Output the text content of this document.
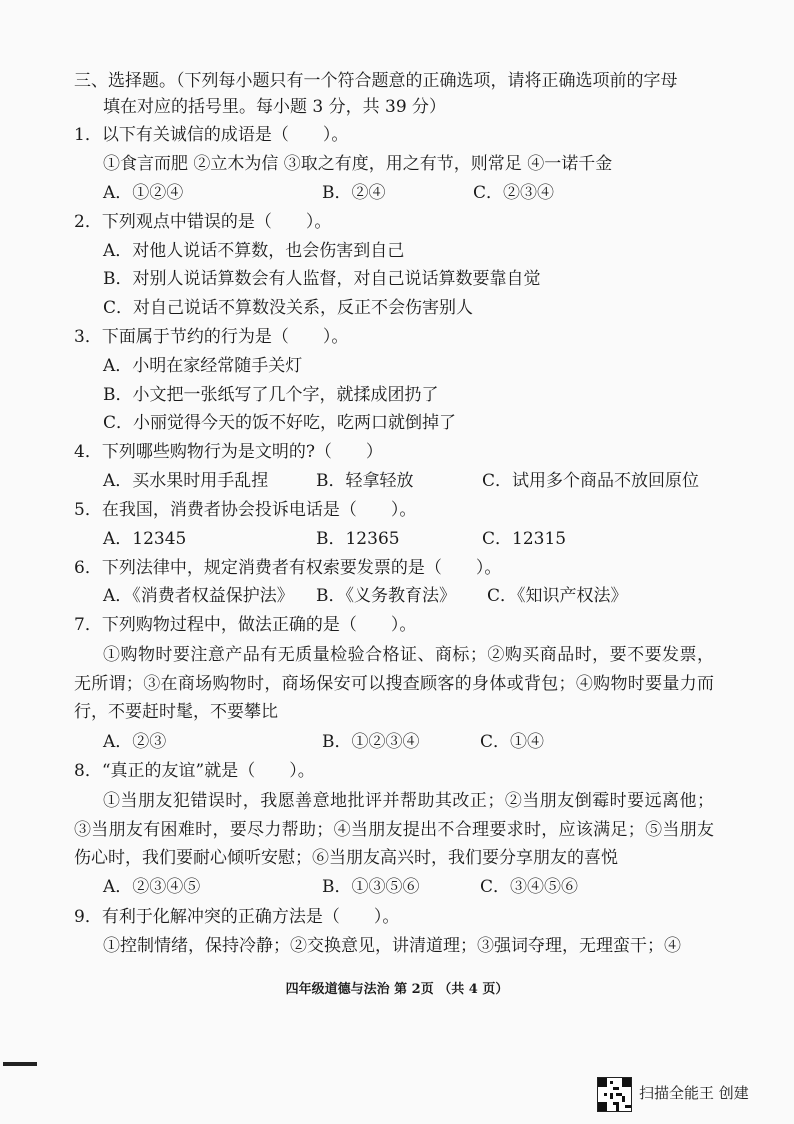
三、选择题。（下列每小题只有一个符合题意的正确选项，请将正确选项前的字母
填在对应的括号里。每小题 3 分，共 39 分）
1．以下有关诚信的成语是（　　）。
①食言而肥 ②立木为信 ③取之有度，用之有节，则常足 ④一诺千金
A．①②④	B．②④	C．②③④
2．下列观点中错误的是（　　）。
A．对他人说话不算数，也会伤害到自己
B．对别人说话算数会有人监督，对自己说话算数要靠自觉
C．对自己说话不算数没关系，反正不会伤害别人
3．下面属于节约的行为是（　　）。
A．小明在家经常随手关灯
B．小文把一张纸写了几个字，就揉成团扔了
C．小丽觉得今天的饭不好吃，吃两口就倒掉了
4．下列哪些购物行为是文明的?（　　）
A．买水果时用手乱捏	B．轻拿轻放	C．试用多个商品不放回原位
5．在我国，消费者协会投诉电话是（　　）。
A．12345	B．12365	C．12315
6．下列法律中，规定消费者有权索要发票的是（　　）。
A．《消费者权益保护法》 B．《义务教育法》 C．《知识产权法》
7．下列购物过程中，做法正确的是（　　）。
①购物时要注意产品有无质量检验合格证、商标；②购买商品时，要不要发票，无所谓；③在商场购物时，商场保安可以搜查顾客的身体或背包；④购物时要量力而行，不要赶时髦，不要攀比
A．②③	B．①②③④	C．①④
8．“真正的友谊”就是（　　）。
①当朋友犯错误时，我愿善意地批评并帮助其改正；②当朋友倒霉时要远离他；③当朋友有困难时，要尽力帮助；④当朋友提出不合理要求时，应该满足；⑤当朋友伤心时，我们要耐心倾听安慰；⑥当朋友高兴时，我们要分享朋友的喜悦
A．②③④⑤	B．①③⑤⑥	C．③④⑤⑥
9．有利于化解冲突的正确方法是（　　）。
①控制情绪，保持冷静；②交换意见，讲清道理；③强词夺理，无理蛮干；④
四年级道德与法治 第 2页 （共 4 页）
扫描全能王 创建
